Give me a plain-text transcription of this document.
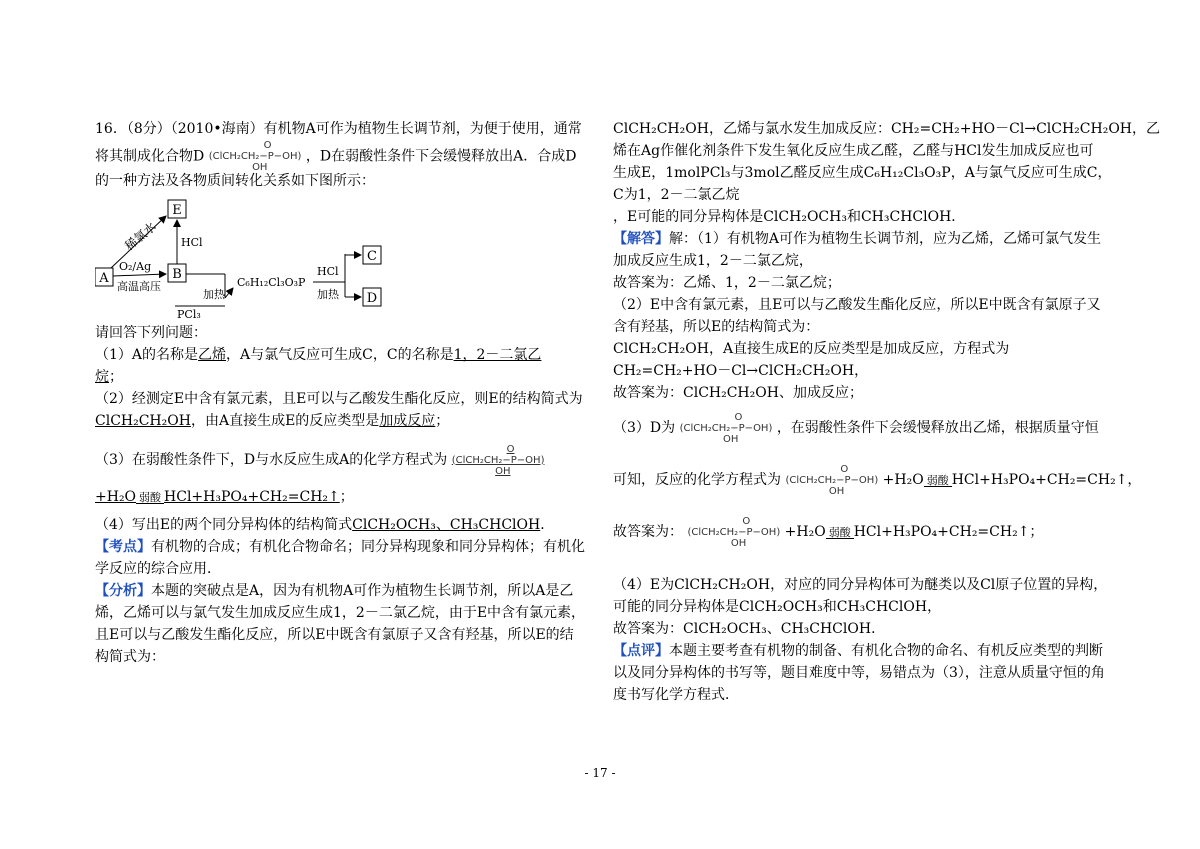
16．（8分）（2010•海南）有机物A可作为植物生长调节剂，为便于使用，通常
将其制成化合物D
O
(ClCH₂CH₂−P−OH)
OH
，D在弱酸性条件下会缓慢释放出A．合成D
的一种方法及各物质间转化关系如下图所示：
E
A	B
C
D
稀氯水 HCl
O₂/Ag
高温高压
PCl₃
加热
C₆H₁₂Cl₃O₃P
HCl
加热
请回答下列问题：
（1）A的名称是乙烯，A与氯气反应可生成C，C的名称是1，2－二氯乙
烷；
（2）经测定E中含有氯元素，且E可以与乙酸发生酯化反应，则E的结构简式为
ClCH₂CH₂OH，由A直接生成E的反应类型是加成反应；
（3）在弱酸性条件下，D与水反应生成A的化学方程式为
O
(ClCH₂CH₂−P−OH)
OH
+H₂O 弱酸 HCl+H₃PO₄+CH₂=CH₂↑；
（4）写出E的两个同分异构体的结构简式ClCH₂OCH₃、CH₃CHClOH．
【考点】有机物的合成；有机化合物命名；同分异构现象和同分异构体；有机化
学反应的综合应用．
【分析】本题的突破点是A，因为有机物A可作为植物生长调节剂，所以A是乙
烯，乙烯可以与氯气发生加成反应生成1，2－二氯乙烷，由于E中含有氯元素，
且E可以与乙酸发生酯化反应，所以E中既含有氯原子又含有羟基，所以E的结
构简式为：
ClCH₂CH₂OH，乙烯与氯水发生加成反应：CH₂=CH₂+HO－Cl→ClCH₂CH₂OH，乙
烯在Ag作催化剂条件下发生氧化反应生成乙醛，乙醛与HCl发生加成反应也可
生成E，1molPCl₃与3mol乙醛反应生成C₆H₁₂Cl₃O₃P，A与氯气反应可生成C，
C为1，2－二氯乙烷
，E可能的同分异构体是ClCH₂OCH₃和CH₃CHClOH．
【解答】解：（1）有机物A可作为植物生长调节剂，应为乙烯，乙烯可氯气发生
加成反应生成1，2－二氯乙烷，
故答案为：乙烯、1，2－二氯乙烷；
（2）E中含有氯元素，且E可以与乙酸发生酯化反应，所以E中既含有氯原子又
含有羟基，所以E的结构简式为：
ClCH₂CH₂OH，A直接生成E的反应类型是加成反应，方程式为
CH₂=CH₂+HO－Cl→ClCH₂CH₂OH，
故答案为：ClCH₂CH₂OH、加成反应；
（3）D为
O
(ClCH₂CH₂−P−OH)
OH
，在弱酸性条件下会缓慢释放出乙烯，根据质量守恒
可知，反应的化学方程式为
O
(ClCH₂CH₂−P−OH)
OH
+H₂O 弱酸 HCl+H₃PO₄+CH₂=CH₂↑，
故答案为：
O
(ClCH₂CH₂−P−OH)
OH
+H₂O 弱酸 HCl+H₃PO₄+CH₂=CH₂↑；
（4）E为ClCH₂CH₂OH，对应的同分异构体可为醚类以及Cl原子位置的异构，
可能的同分异构体是ClCH₂OCH₃和CH₃CHClOH，
故答案为：ClCH₂OCH₃、CH₃CHClOH．
【点评】本题主要考查有机物的制备、有机化合物的命名、有机反应类型的判断
以及同分异构体的书写等，题目难度中等，易错点为（3），注意从质量守恒的角
度书写化学方程式．
- 17 -
